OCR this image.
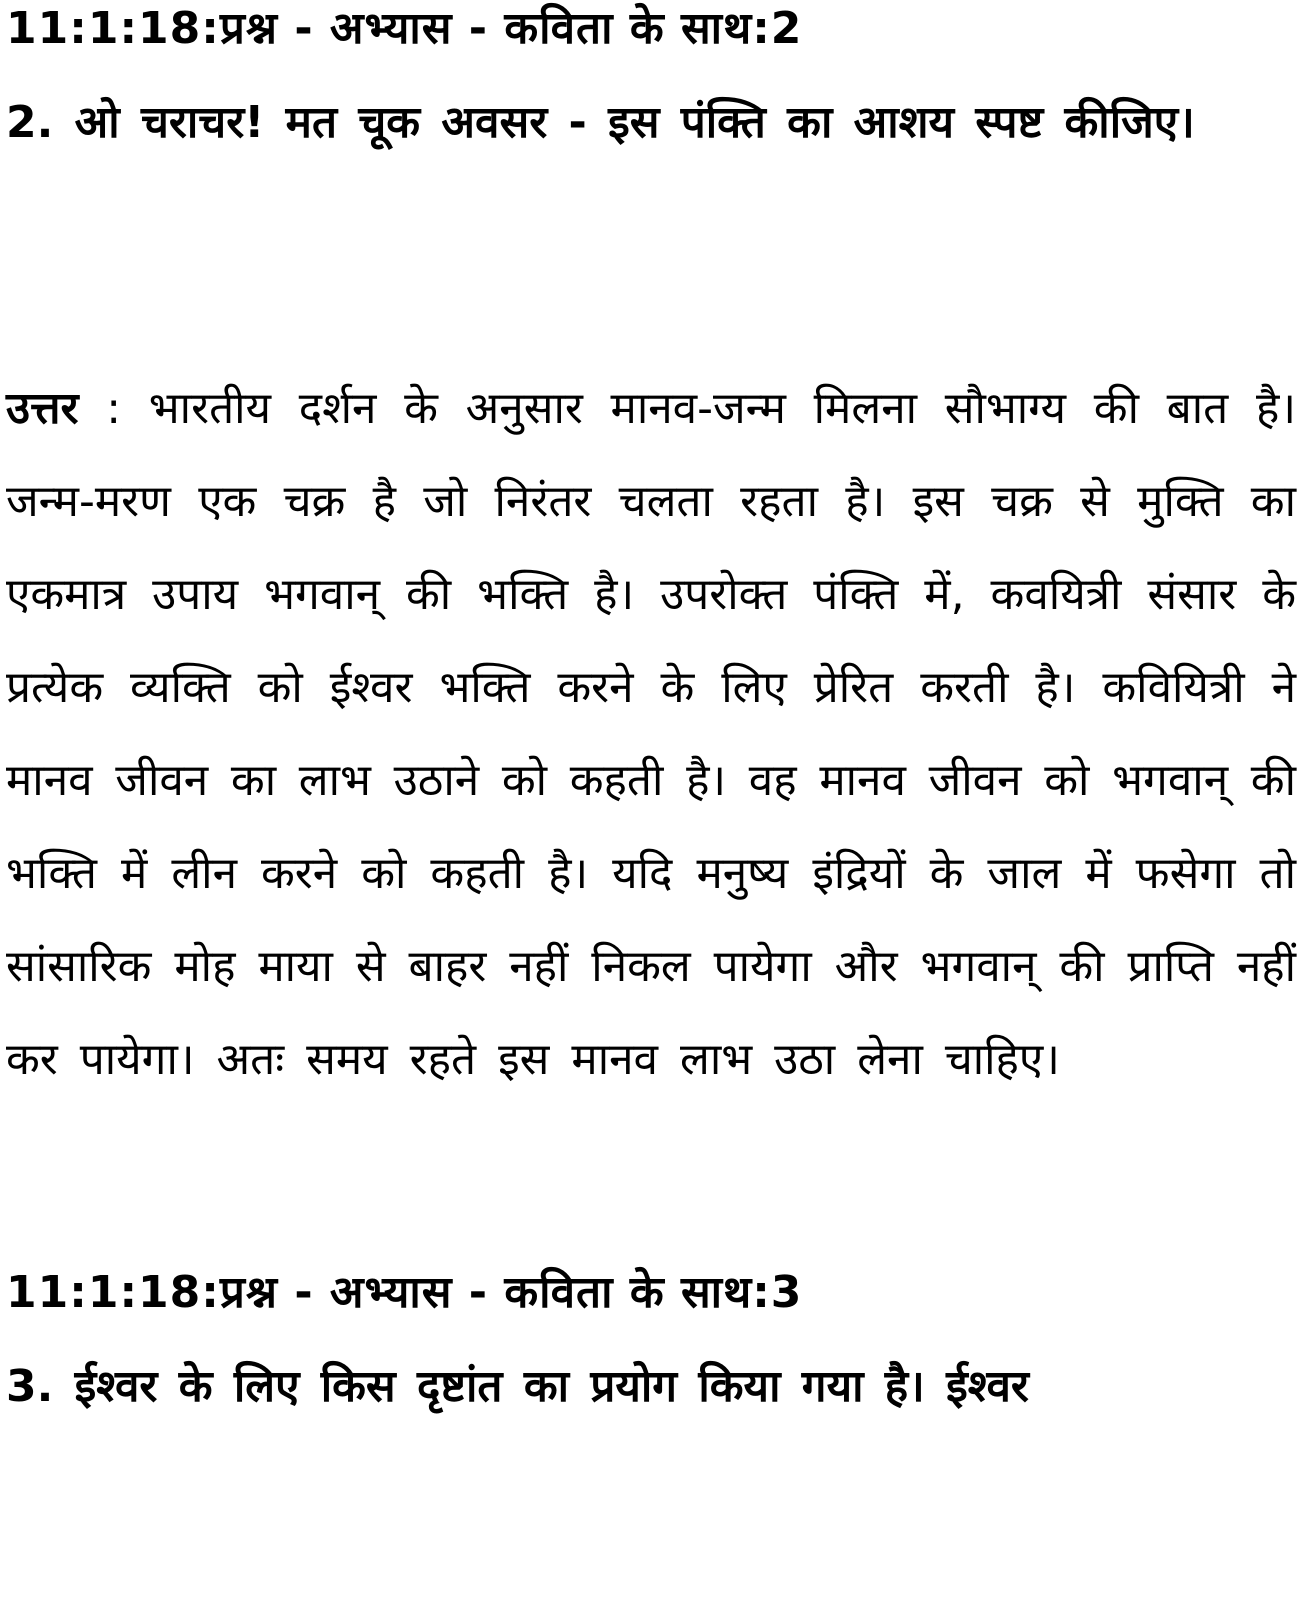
11:1:18:प्रश्न - अभ्यास - कविता के साथ:2

2. ओ चराचर! मत चूक अवसर - इस पंक्ति का आशय स्पष्ट कीजिए।

उत्तर : भारतीय दर्शन के अनुसार मानव-जन्म मिलना सौभाग्य की बात है। जन्म-मरण एक चक्र है जो निरंतर चलता रहता है। इस चक्र से मुक्ति का एकमात्र उपाय भगवान् की भक्ति है। उपरोक्त पंक्ति में, कवयित्री संसार के प्रत्येक व्यक्ति को ईश्वर भक्ति करने के लिए प्रेरित करती है। कवियित्री ने मानव जीवन का लाभ उठाने को कहती है। वह मानव जीवन को भगवान् की भक्ति में लीन करने को कहती है। यदि मनुष्य इंद्रियों के जाल में फसेगा तो सांसारिक मोह माया से बाहर नहीं निकल पायेगा और भगवान् की प्राप्ति नहीं कर पायेगा। अतः समय रहते इस मानव लाभ उठा लेना चाहिए।

11:1:18:प्रश्न - अभ्यास - कविता के साथ:3

3. ईश्वर के लिए किस दृष्टांत का प्रयोग किया गया है। ईश्वर
